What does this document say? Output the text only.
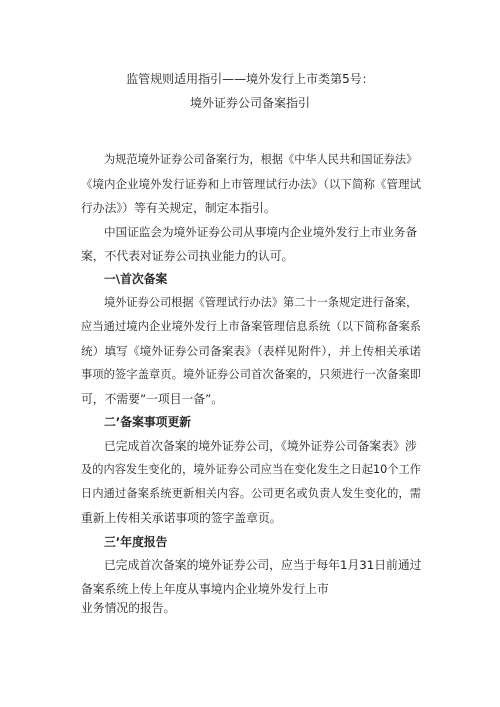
监管规则适用指引——境外发行上市类第5号：
境外证券公司备案指引
为规范境外证券公司备案行为，根据《中华人民共和国证券法》
《境内企业境外发行证券和上市管理试行办法》（以下简称《管理试
行办法》）等有关规定，制定本指引。
中国证监会为境外证券公司从事境内企业境外发行上市业务备
案，不代表对证券公司执业能力的认可。
一\首次备案
境外证券公司根据《管理试行办法》第二十一条规定进行备案，
应当通过境内企业境外发行上市备案管理信息系统（以下简称备案系
统）填写《境外证券公司备案表》（表样见附件），并上传相关承诺
事项的签字盖章页。境外证券公司首次备案的，只须进行一次备案即
可，不需要”一项目一备”。
二’备案事项更新
已完成首次备案的境外证券公司，《境外证券公司备案表》涉
及的内容发生变化的，境外证券公司应当在变化发生之日起10个工作
日内通过备案系统更新相关内容。公司更名或负责人发生变化的，需
重新上传相关承诺事项的签字盖章页。
三’年度报告
已完成首次备案的境外证券公司，应当于每年1月31日前通过
备案系统上传上年度从事境内企业境外发行上市
业务情况的报告。
